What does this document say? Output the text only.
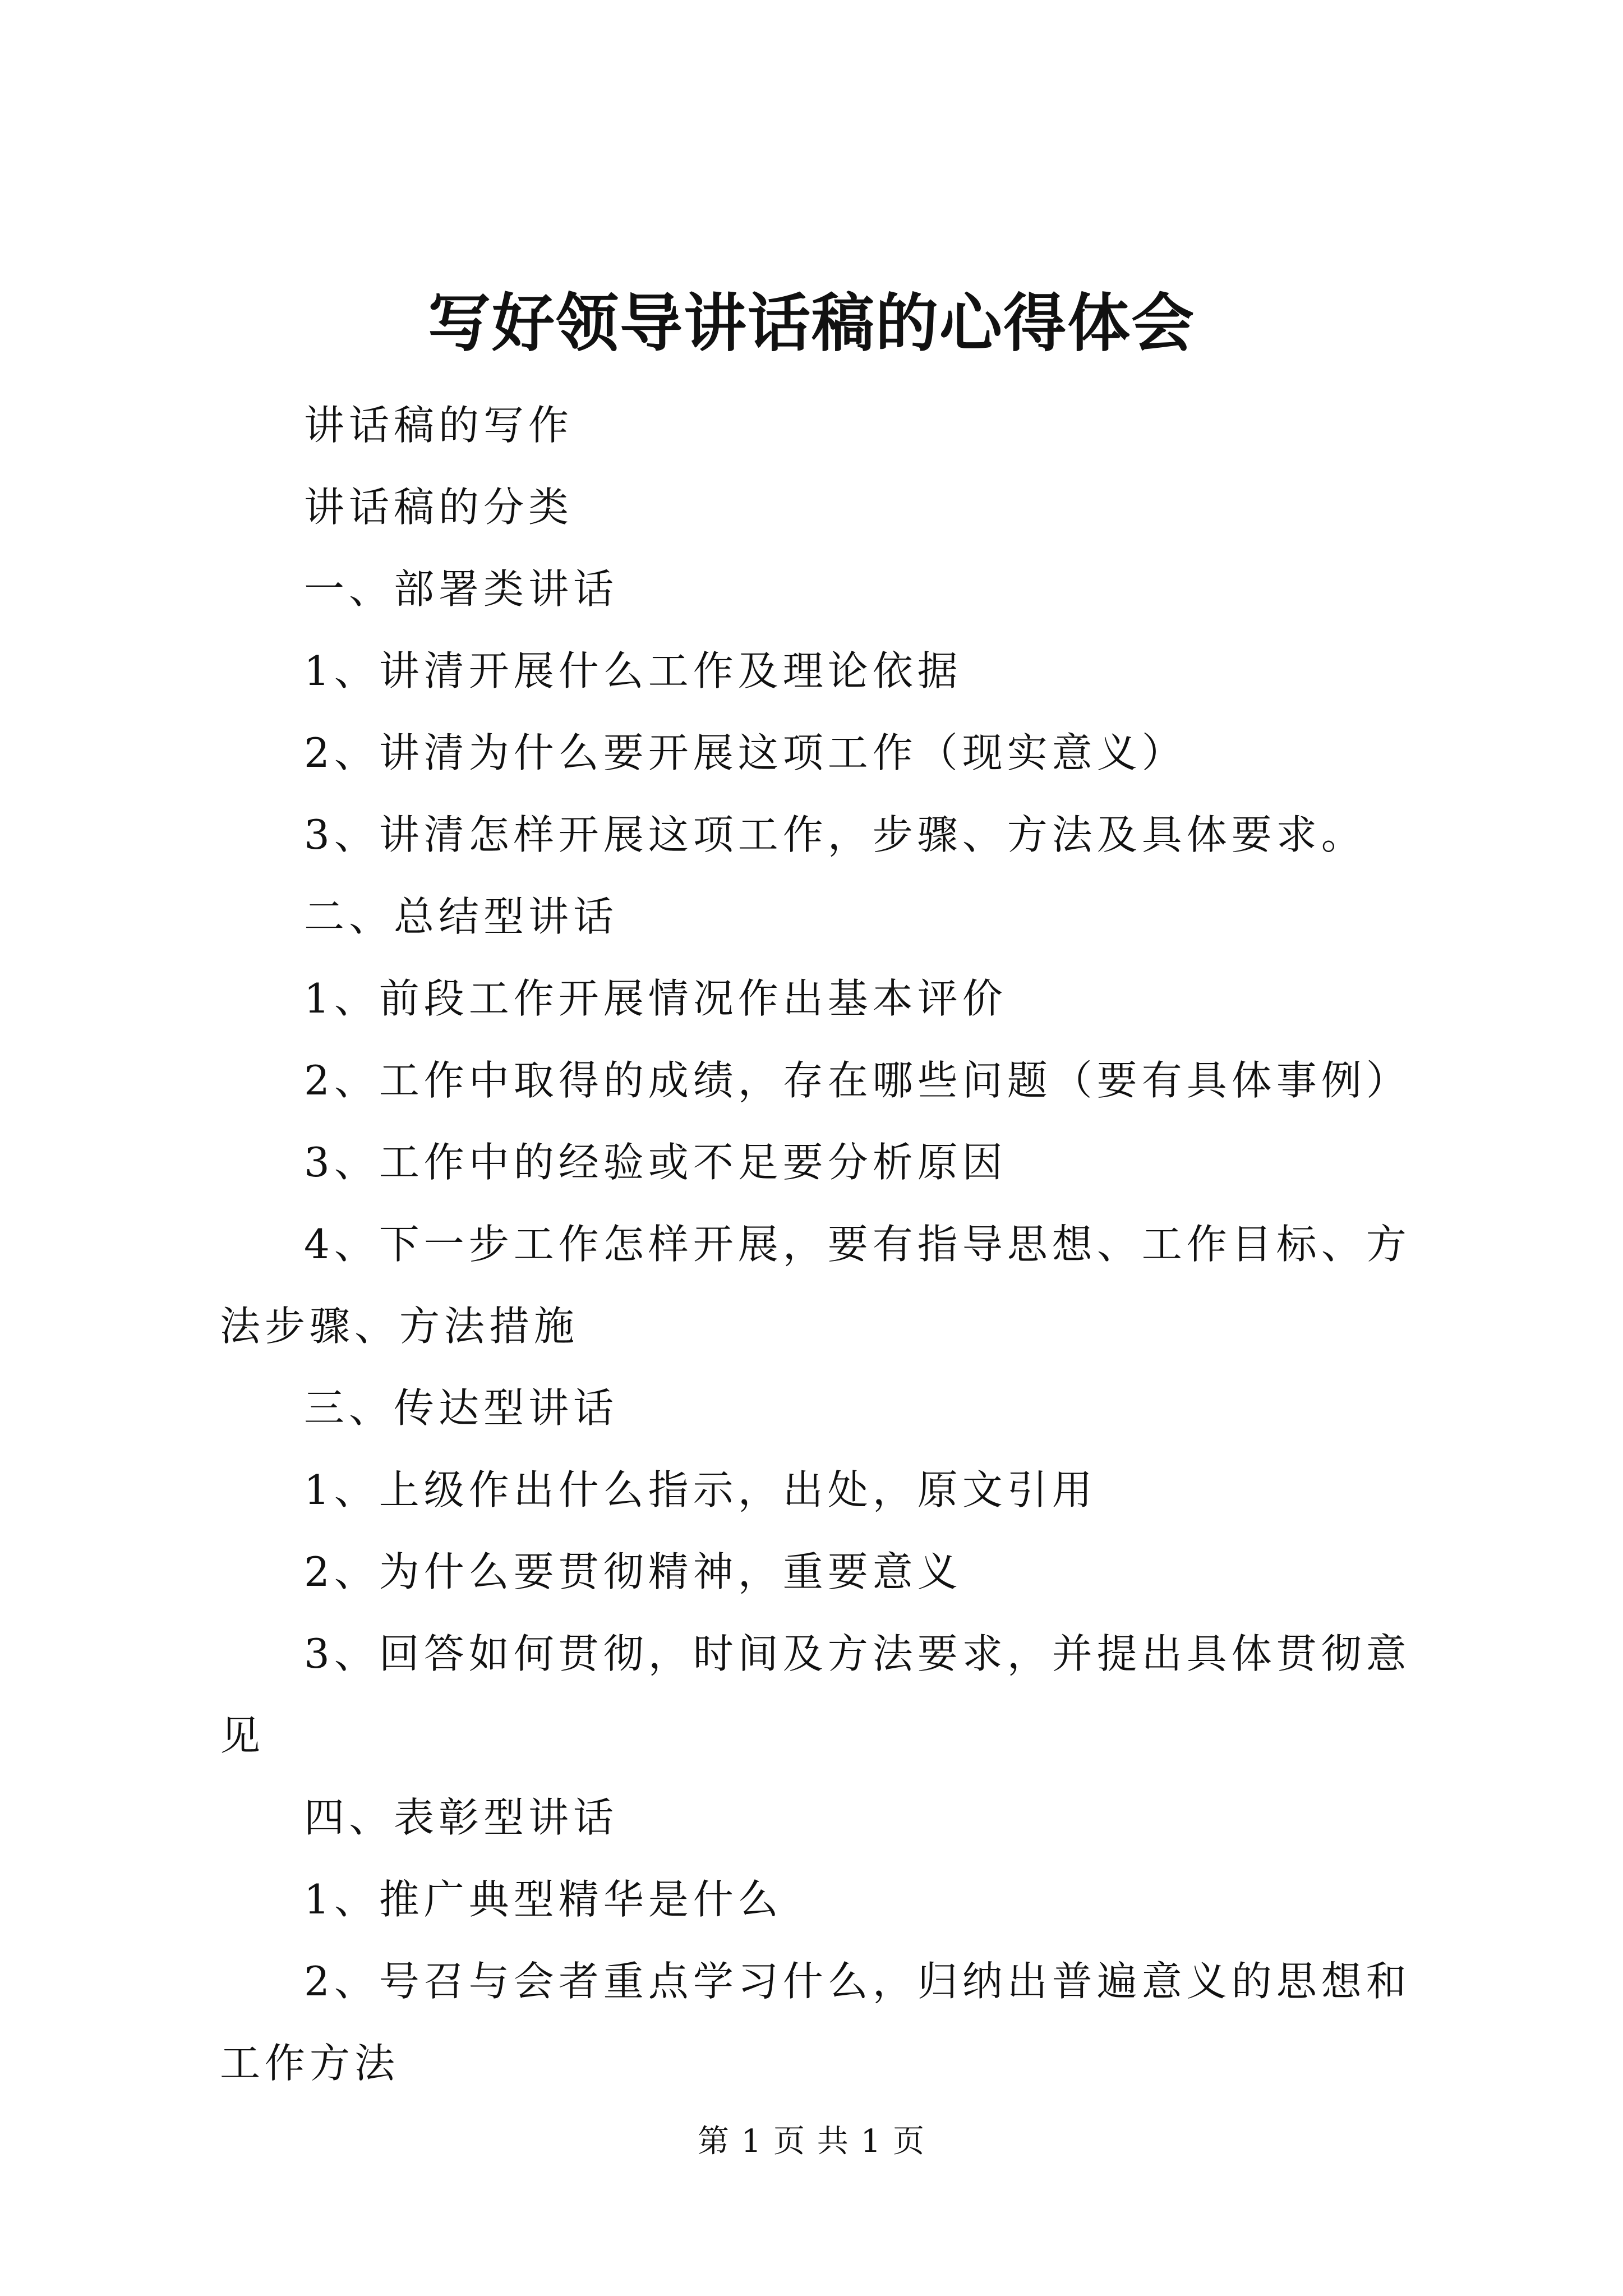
写好领导讲话稿的心得体会

讲话稿的写作

讲话稿的分类

一、部署类讲话

1、讲清开展什么工作及理论依据

2、讲清为什么要开展这项工作（现实意义）

3、讲清怎样开展这项工作，步骤、方法及具体要求。

二、总结型讲话

1、前段工作开展情况作出基本评价

2、工作中取得的成绩，存在哪些问题（要有具体事例）

3、工作中的经验或不足要分析原因

4、下一步工作怎样开展，要有指导思想、工作目标、方法步骤、方法措施

三、传达型讲话

1、上级作出什么指示，出处，原文引用

2、为什么要贯彻精神，重要意义

3、回答如何贯彻，时间及方法要求，并提出具体贯彻意见

四、表彰型讲话

1、推广典型精华是什么

2、号召与会者重点学习什么，归纳出普遍意义的思想和工作方法

第 1 页 共 1 页
